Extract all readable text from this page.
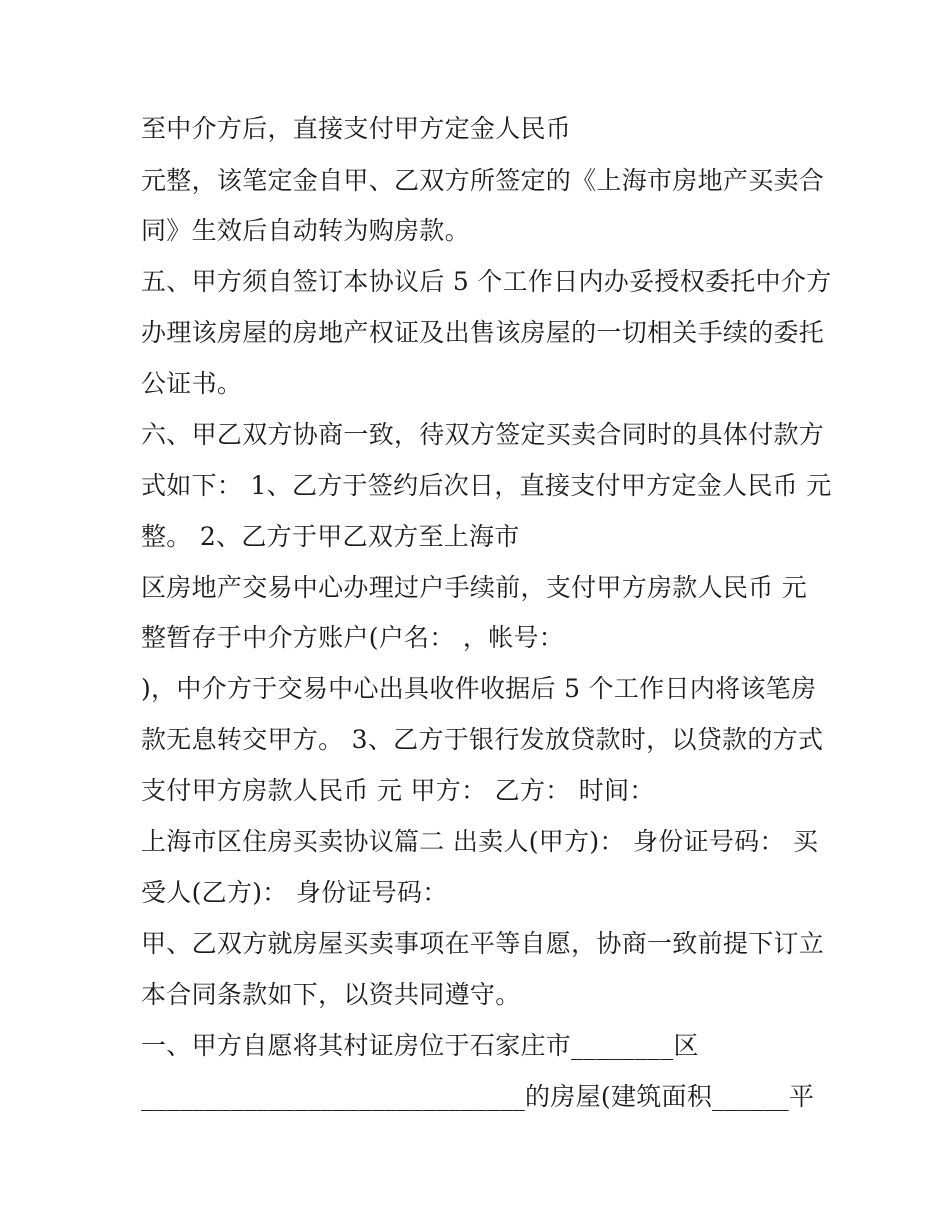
至中介方后，直接支付甲方定金人民币
元整，该笔定金自甲、乙双方所签定的《上海市房地产买卖合
同》生效后自动转为购房款。
五、甲方须自签订本协议后 5 个工作日内办妥授权委托中介方
办理该房屋的房地产权证及出售该房屋的一切相关手续的委托
公证书。
六、甲乙双方协商一致，待双方签定买卖合同时的具体付款方
式如下： 1、乙方于签约后次日，直接支付甲方定金人民币 元
整。 2、乙方于甲乙双方至上海市
区房地产交易中心办理过户手续前，支付甲方房款人民币 元
整暂存于中介方账户(户名： ，帐号：
)，中介方于交易中心出具收件收据后 5 个工作日内将该笔房
款无息转交甲方。 3、乙方于银行发放贷款时，以贷款的方式
支付甲方房款人民币 元 甲方： 乙方： 时间：
上海市区住房买卖协议篇二 出卖人(甲方)： 身份证号码： 买
受人(乙方)： 身份证号码：
甲、乙双方就房屋买卖事项在平等自愿，协商一致前提下订立
本合同条款如下，以资共同遵守。
一、甲方自愿将其村证房位于石家庄市________区
______________________________的房屋(建筑面积______平
